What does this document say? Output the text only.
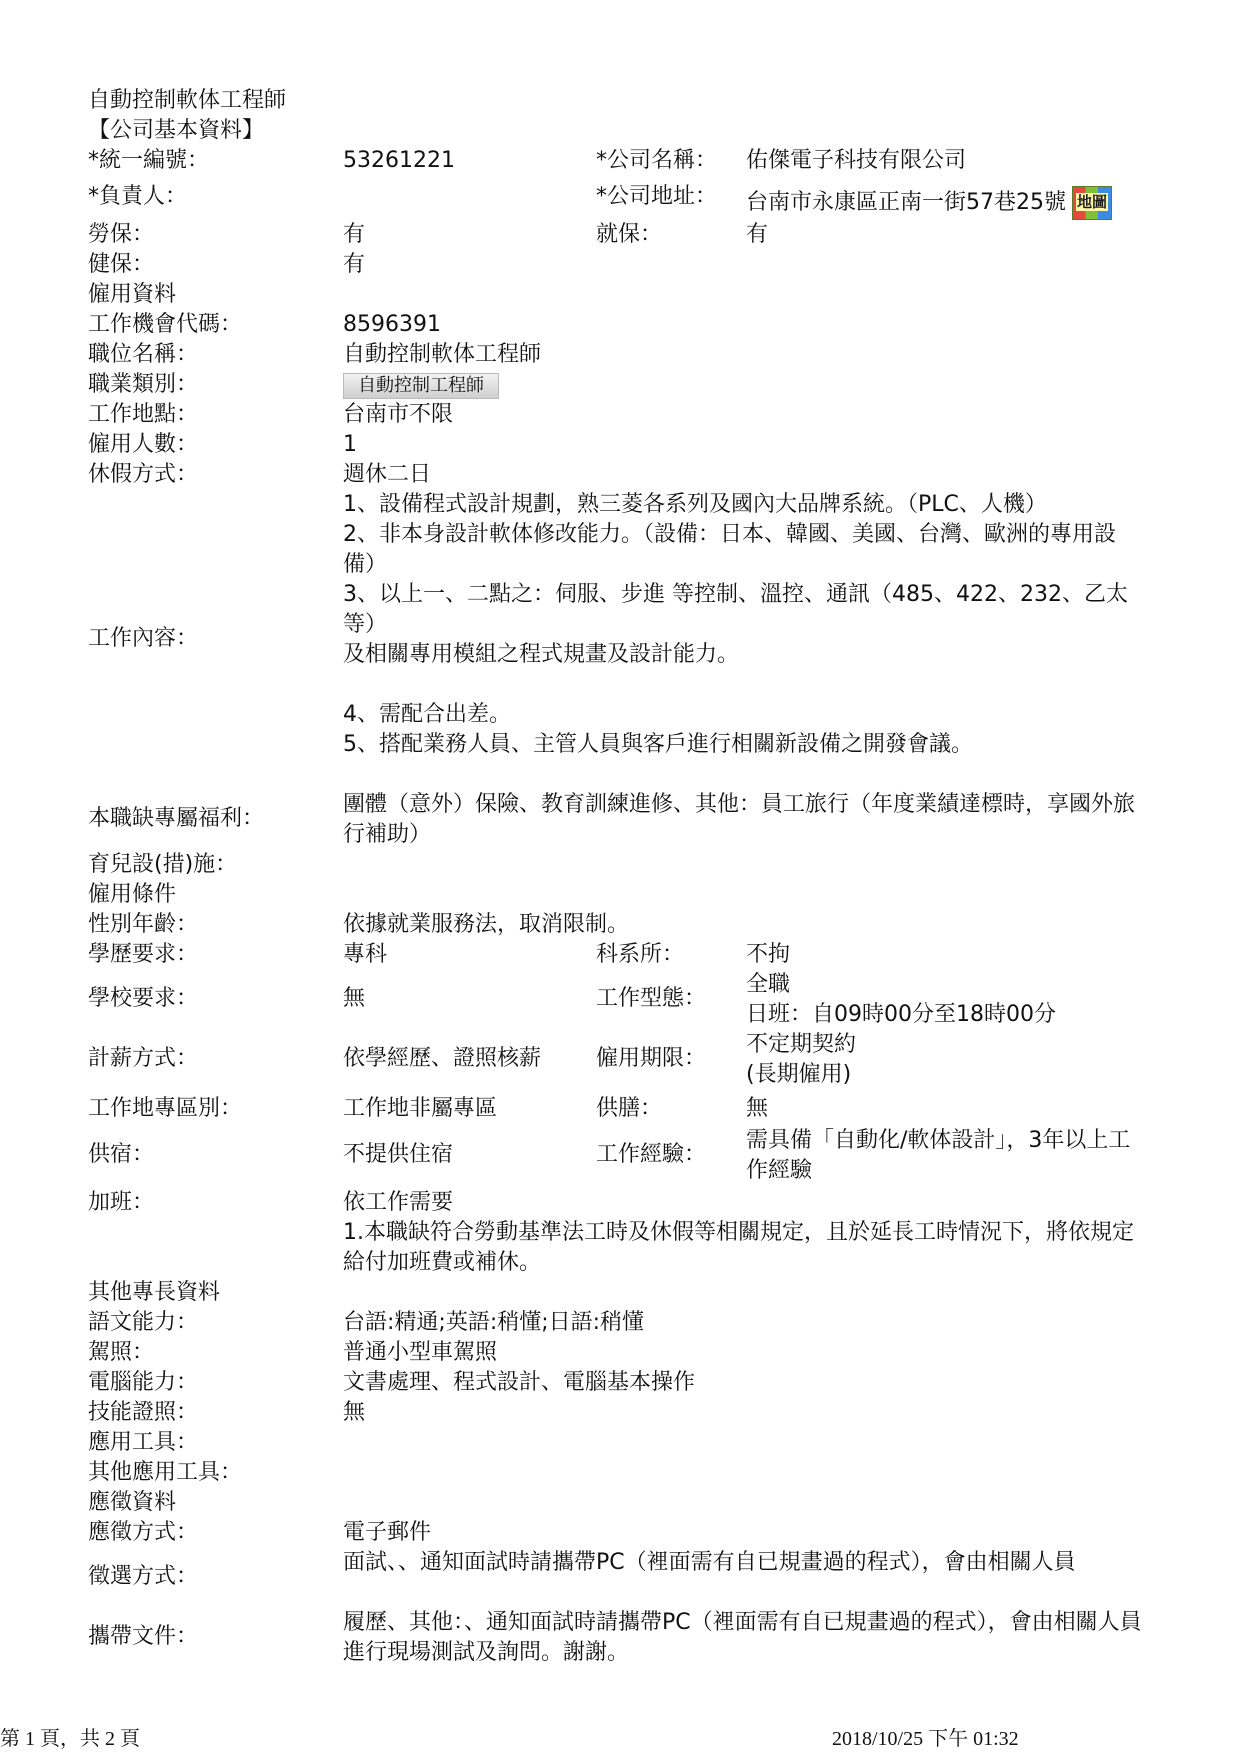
自動控制軟体工程師
【公司基本資料】
*統一編號：	53261221	*公司名稱： 佑傑電子科技有限公司
*負責人：	*公司地址： 台南市永康區正南一街57巷25號 地圖
勞保：	有	就保：	有
健保：	有
僱用資料
工作機會代碼：	8596391
職位名稱：	自動控制軟体工程師
職業類別：	自動控制工程師
工作地點：	台南市不限
僱用人數：	1
休假方式：	週休二日
工作內容：
1、設備程式設計規劃，熟三菱各系列及國內大品牌系統。（PLC、人機）
2、非本身設計軟体修改能力。（設備：日本、韓國、美國、台灣、歐洲的專用設備）
3、以上一、二點之：伺服、步進 等控制、溫控、通訊（485、422、232、乙太等）
及相關專用模組之程式規畫及設計能力。
4、需配合出差。
5、搭配業務人員、主管人員與客戶進行相關新設備之開發會議。
本職缺專屬福利：
團體（意外）保險、教育訓練進修、其他：員工旅行（年度業績達標時，享國外旅行補助）
育兒設(措)施：
僱用條件
性別年齡：	依據就業服務法，取消限制。
學歷要求：	專科	科系所：	不拘
學校要求：	無	工作型態：
全職
日班：自09時00分至18時00分
計薪方式：	依學經歷、證照核薪	僱用期限：
不定期契約
(長期僱用)
工作地專區別：	工作地非屬專區	供膳：	無
供宿：	不提供住宿	工作經驗：
需具備「自動化/軟体設計」，3年以上工作經驗
加班：	依工作需要
1.本職缺符合勞動基準法工時及休假等相關規定，且於延長工時情況下，將依規定給付加班費或補休。
其他專長資料
語文能力：	台語:精通;英語:稍懂;日語:稍懂
駕照：	普通小型車駕照
電腦能力：	文書處理、程式設計、電腦基本操作
技能證照：	無
應用工具：
其他應用工具：
應徵資料
應徵方式：	電子郵件
徵選方式：
面試、、通知面試時請攜帶PC（裡面需有自已規畫過的程式），會由相關人員
攜帶文件：
履歷、其他：、通知面試時請攜帶PC（裡面需有自已規畫過的程式），會由相關人員進行現場測試及詢問。謝謝。
第 1 頁，共 2 頁	2018/10/25 下午 01:32
